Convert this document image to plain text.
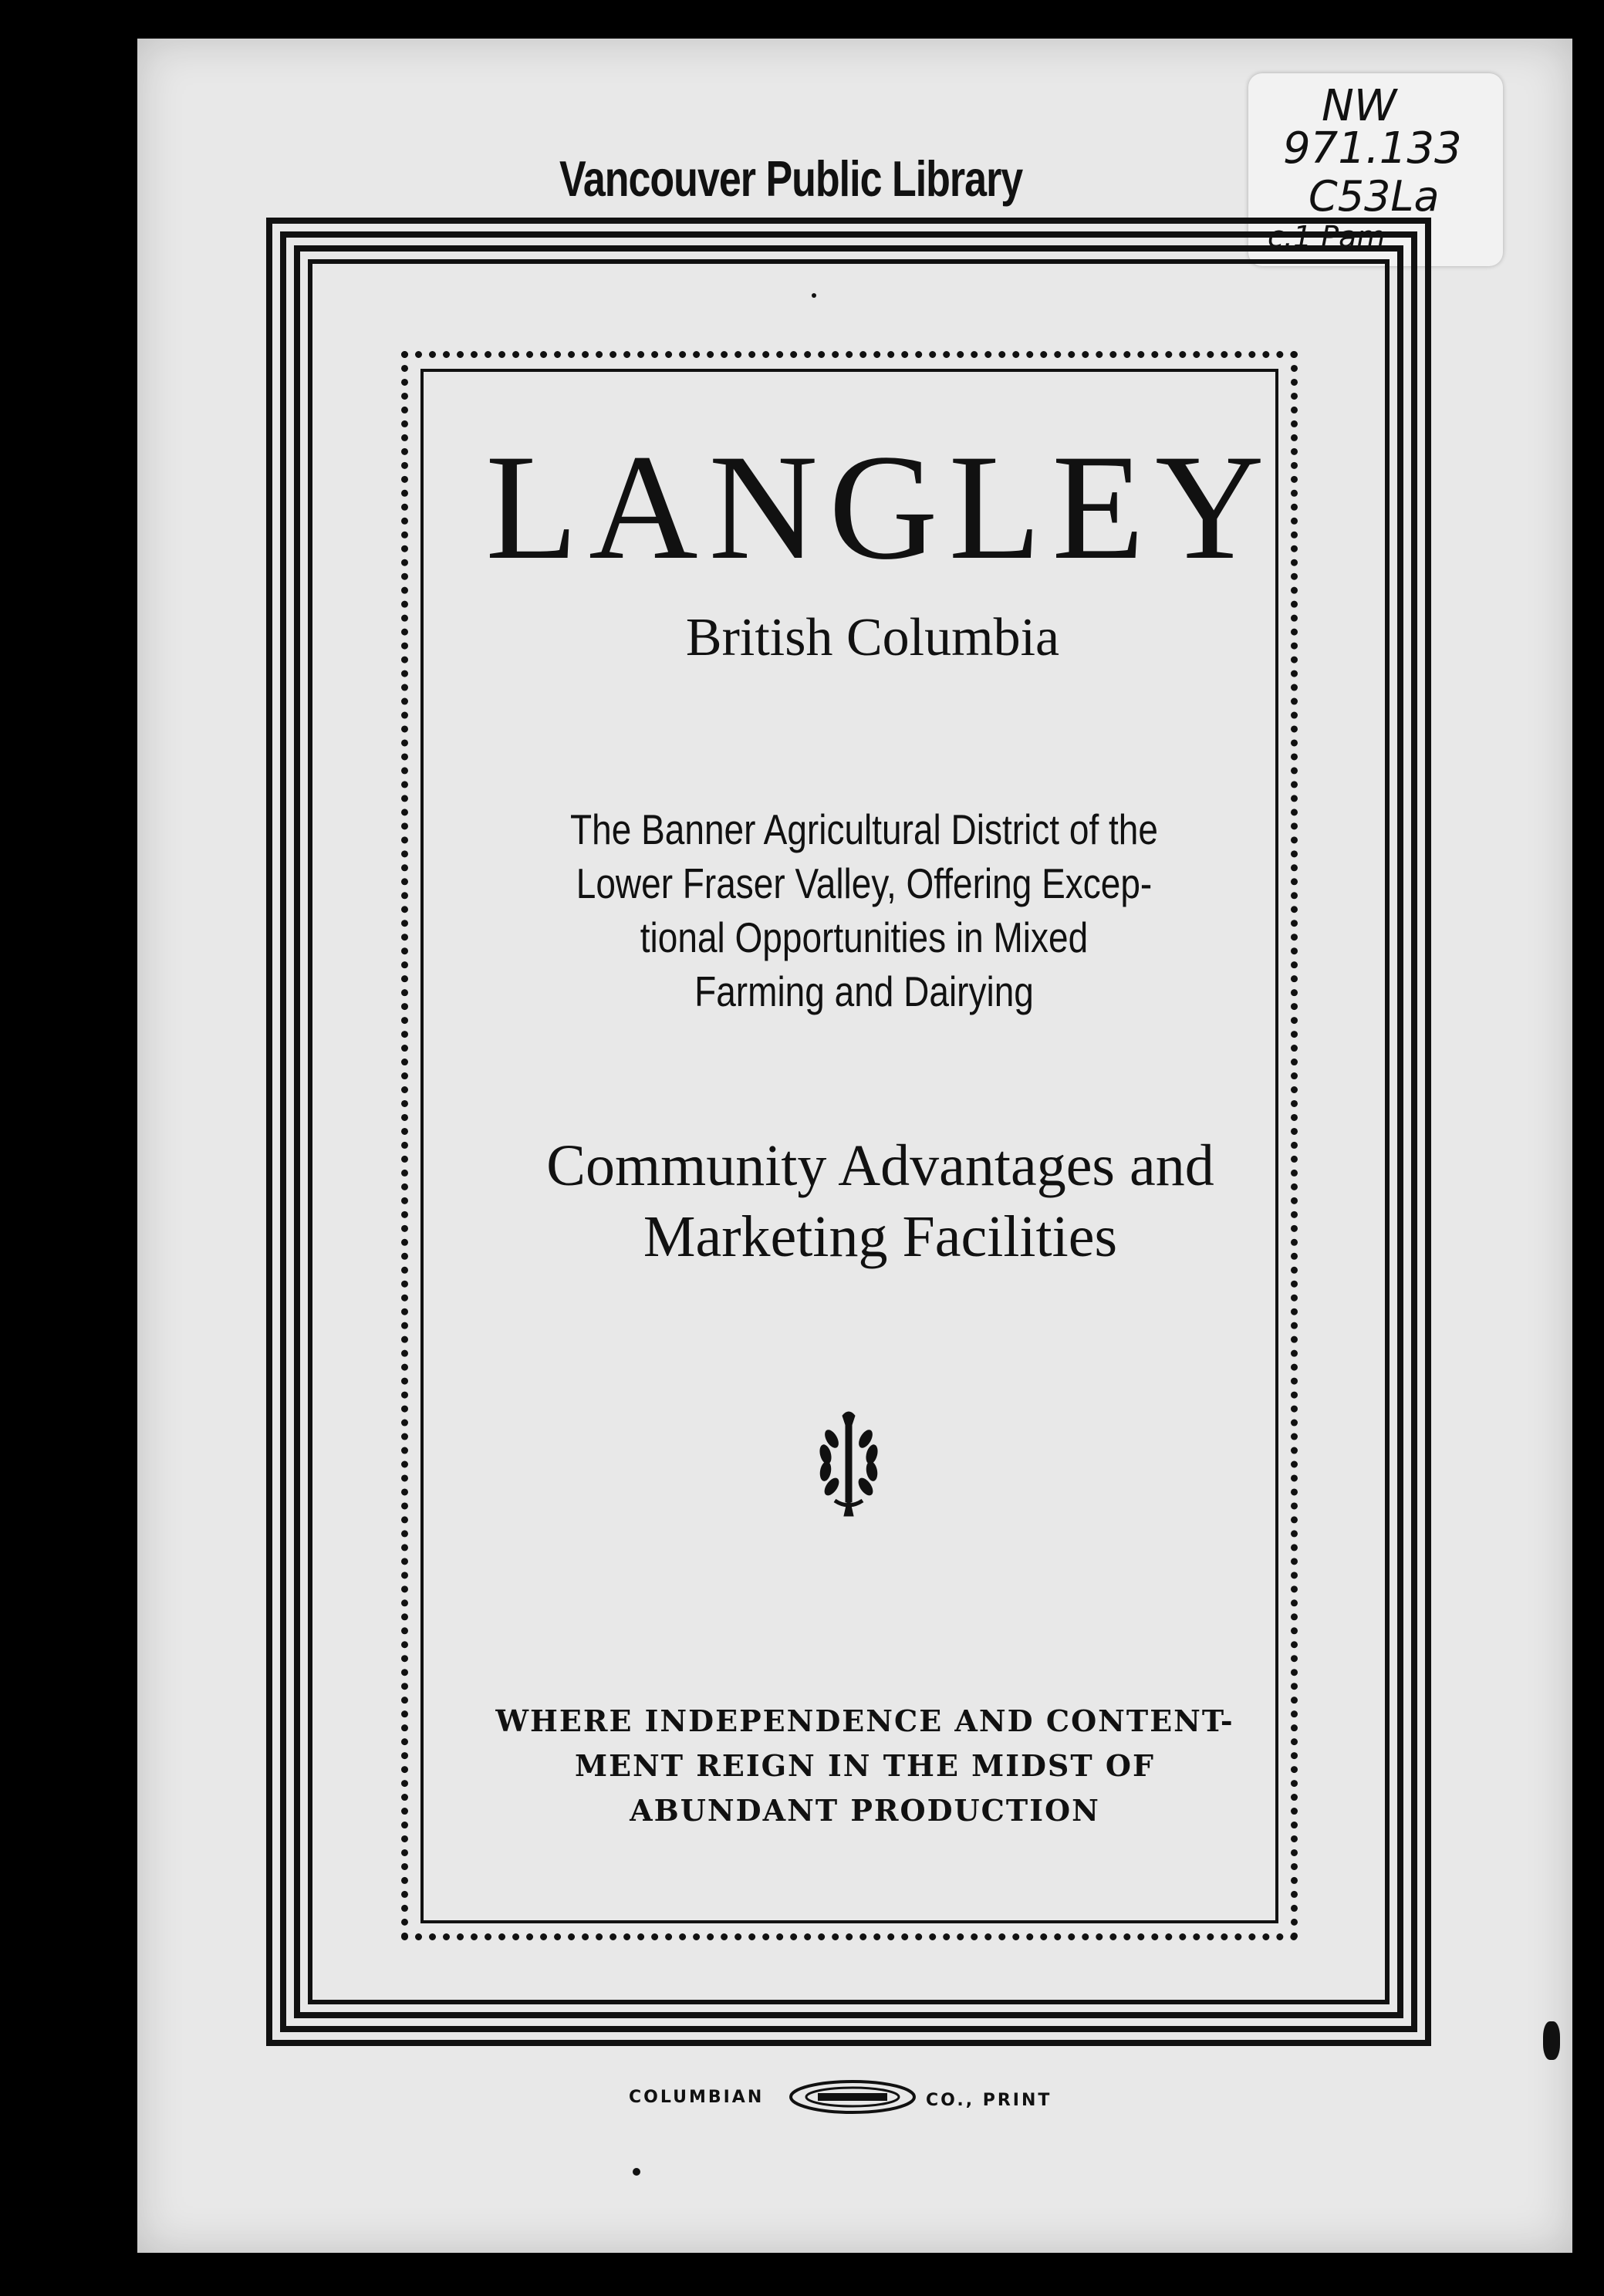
Vancouver Public Library
NW
971.133
C53La
c.1 Pam
LANGLEY
British Columbia
The Banner Agricultural District of the
Lower Fraser Valley, Offering Excep-
tional Opportunities in Mixed
Farming and Dairying
Community Advantages and
Marketing Facilities
WHERE INDEPENDENCE AND CONTENT-
MENT REIGN IN THE MIDST OF
ABUNDANT PRODUCTION
COLUMBIAN	CO., PRINT
